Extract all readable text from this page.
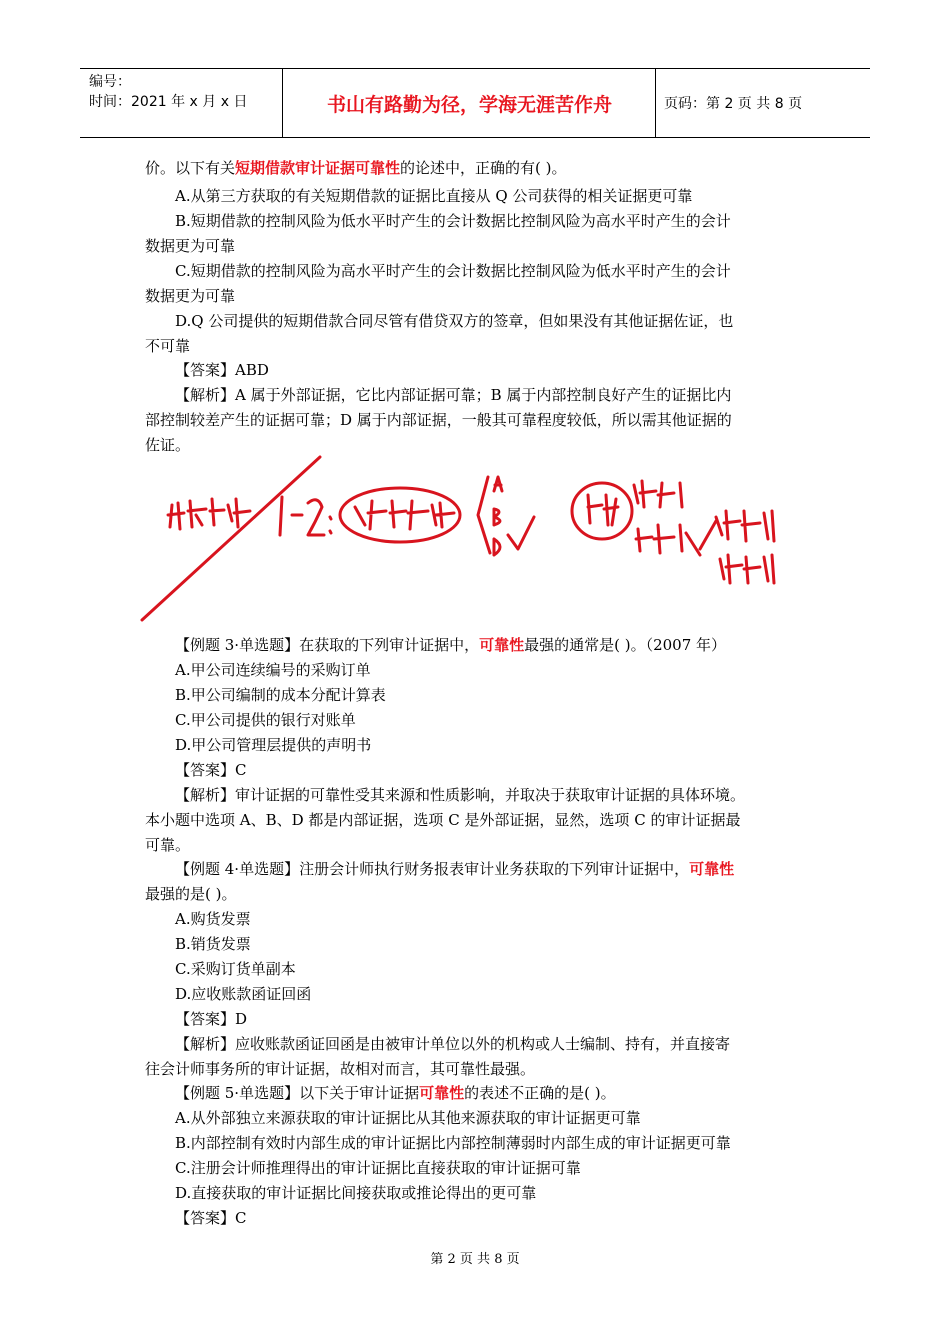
编号：
时间：2021 年 x 月 x 日	书山有路勤为径，学海无涯苦作舟	页码：第 2 页 共 8 页
价。以下有关短期借款审计证据可靠性的论述中，正确的有( )。
A.从第三方获取的有关短期借款的证据比直接从 Q 公司获得的相关证据更可靠
B.短期借款的控制风险为低水平时产生的会计数据比控制风险为高水平时产生的会计
数据更为可靠
C.短期借款的控制风险为高水平时产生的会计数据比控制风险为低水平时产生的会计
数据更为可靠
D.Q 公司提供的短期借款合同尽管有借贷双方的签章，但如果没有其他证据佐证，也
不可靠
【答案】ABD
【解析】A 属于外部证据，它比内部证据可靠；B 属于内部控制良好产生的证据比内
部控制较差产生的证据可靠；D 属于内部证据，一般其可靠程度较低，所以需其他证据的
佐证。
【例题 3·单选题】在获取的下列审计证据中，可靠性最强的通常是( )。（2007 年）
A.甲公司连续编号的采购订单
B.甲公司编制的成本分配计算表
C.甲公司提供的银行对账单
D.甲公司管理层提供的声明书
【答案】C
【解析】审计证据的可靠性受其来源和性质影响，并取决于获取审计证据的具体环境。
本小题中选项 A、B、D 都是内部证据，选项 C 是外部证据，显然，选项 C 的审计证据最
可靠。
【例题 4·单选题】注册会计师执行财务报表审计业务获取的下列审计证据中，可靠性
最强的是( )。
A.购货发票
B.销货发票
C.采购订货单副本
D.应收账款函证回函
【答案】D
【解析】应收账款函证回函是由被审计单位以外的机构或人士编制、持有，并直接寄
往会计师事务所的审计证据，故相对而言，其可靠性最强。
【例题 5·单选题】以下关于审计证据可靠性的表述不正确的是( )。
A.从外部独立来源获取的审计证据比从其他来源获取的审计证据更可靠
B.内部控制有效时内部生成的审计证据比内部控制薄弱时内部生成的审计证据更可靠
C.注册会计师推理得出的审计证据比直接获取的审计证据可靠
D.直接获取的审计证据比间接获取或推论得出的更可靠
【答案】C
第 2 页 共 8 页
